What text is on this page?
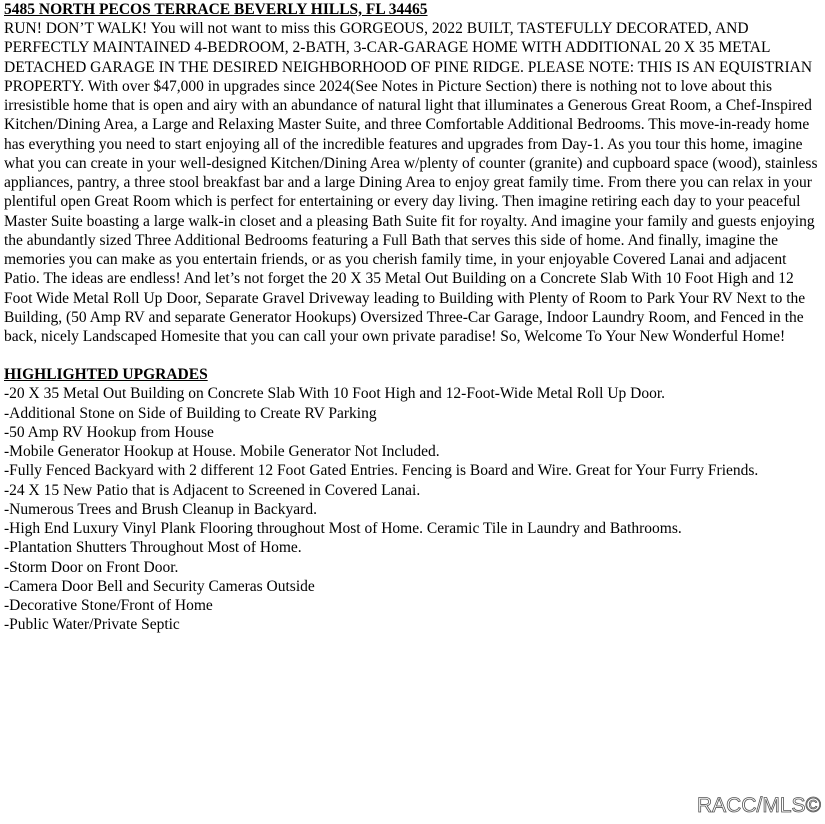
5485 NORTH PECOS TERRACE BEVERLY HILLS, FL 34465

RUN! DON’T WALK! You will not want to miss this GORGEOUS, 2022 BUILT, TASTEFULLY DECORATED, AND PERFECTLY MAINTAINED 4-BEDROOM, 2-BATH, 3-CAR-GARAGE HOME WITH ADDITIONAL 20 X 35 METAL DETACHED GARAGE IN THE DESIRED NEIGHBORHOOD OF PINE RIDGE. PLEASE NOTE: THIS IS AN EQUISTRIAN PROPERTY. With over $47,000 in upgrades since 2024(See Notes in Picture Section) there is nothing not to love about this irresistible home that is open and airy with an abundance of natural light that illuminates a Generous Great Room, a Chef-Inspired Kitchen/Dining Area, a Large and Relaxing Master Suite, and three Comfortable Additional Bedrooms. This move-in-ready home has everything you need to start enjoying all of the incredible features and upgrades from Day-1. As you tour this home, imagine what you can create in your well-designed Kitchen/Dining Area w/plenty of counter (granite) and cupboard space (wood), stainless appliances, pantry, a three stool breakfast bar and a large Dining Area to enjoy great family time. From there you can relax in your plentiful open Great Room which is perfect for entertaining or every day living. Then imagine retiring each day to your peaceful Master Suite boasting a large walk-in closet and a pleasing Bath Suite fit for royalty. And imagine your family and guests enjoying the abundantly sized Three Additional Bedrooms featuring a Full Bath that serves this side of home. And finally, imagine the memories you can make as you entertain friends, or as you cherish family time, in your enjoyable Covered Lanai and adjacent Patio. The ideas are endless! And let’s not forget the 20 X 35 Metal Out Building on a Concrete Slab With 10 Foot High and 12 Foot Wide Metal Roll Up Door, Separate Gravel Driveway leading to Building with Plenty of Room to Park Your RV Next to the Building, (50 Amp RV and separate Generator Hookups) Oversized Three-Car Garage, Indoor Laundry Room, and Fenced in the back, nicely Landscaped Homesite that you can call your own private paradise! So, Welcome To Your New Wonderful Home!

HIGHLIGHTED UPGRADES
-20 X 35 Metal Out Building on Concrete Slab With 10 Foot High and 12-Foot-Wide Metal Roll Up Door.
-Additional Stone on Side of Building to Create RV Parking
-50 Amp RV Hookup from House
-Mobile Generator Hookup at House. Mobile Generator Not Included.
-Fully Fenced Backyard with 2 different 12 Foot Gated Entries. Fencing is Board and Wire. Great for Your Furry Friends.
-24 X 15 New Patio that is Adjacent to Screened in Covered Lanai.
-Numerous Trees and Brush Cleanup in Backyard.
-High End Luxury Vinyl Plank Flooring throughout Most of Home. Ceramic Tile in Laundry and Bathrooms.
-Plantation Shutters Throughout Most of Home.
-Storm Door on Front Door.
-Camera Door Bell and Security Cameras Outside
-Decorative Stone/Front of Home
-Public Water/Private Septic
RACC/MLS©
